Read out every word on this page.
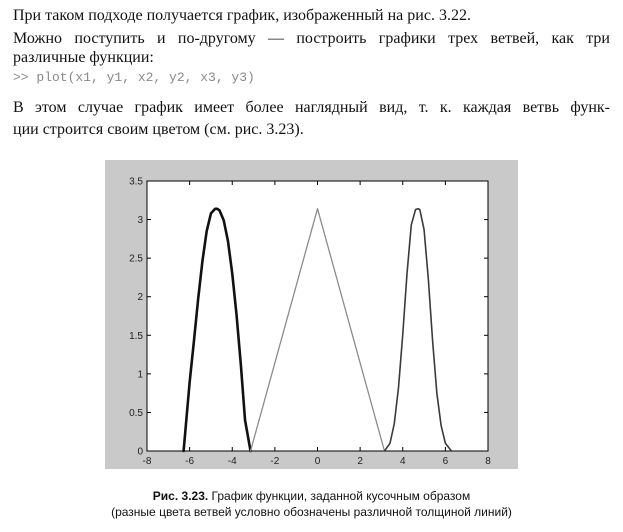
При таком подходе получается график, изображенный на рис. 3.22.

Можно поступить и по-другому — построить графики трех ветвей, как три

различные функции:

>> plot(x1, y1, x2, y2, x3, y3)

В этом случае график имеет более наглядный вид, т. к. каждая ветвь функ-

ции строится своим цветом (см. рис. 3.23).

-8	-6	-4	-2	0	2	4	6	8
0
0.5
1
1.5
2
2.5
3
3.5

Рис. 3.23. График функции, заданной кусочным образом

(разные цвета ветвей условно обозначены различной толщиной линий)
